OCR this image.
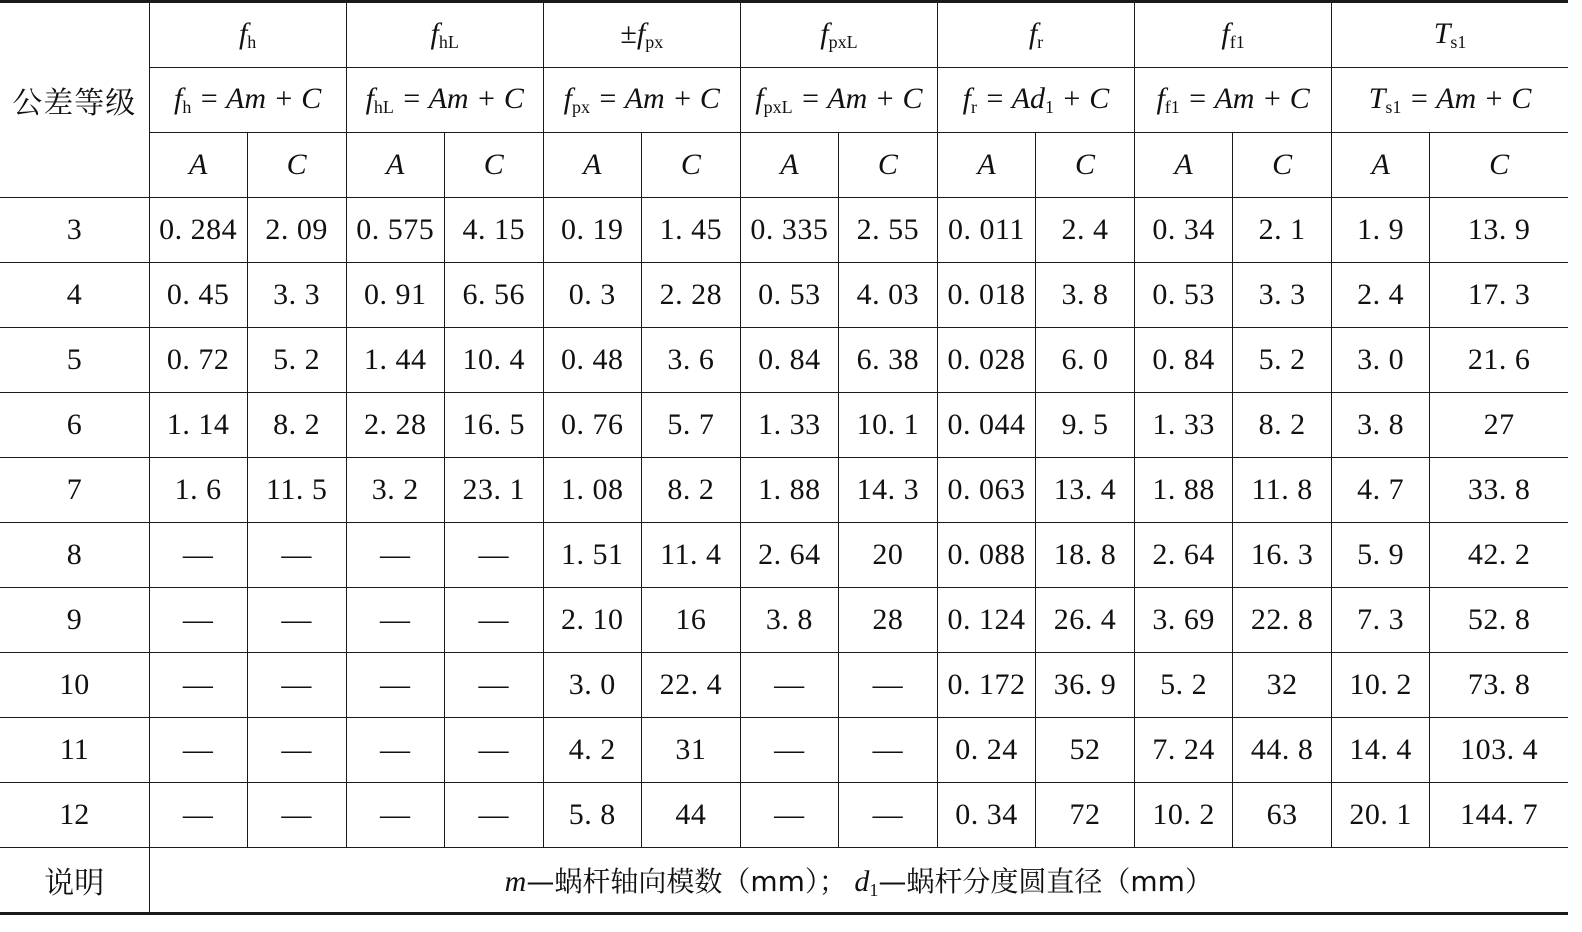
公差等级	$f_h$		$f_{hL}$		$\pm f_{px}$		$f_{pxL}$		$f_r$		$f_{f1}$		$T_{s1}$
	$f_h = Am + C$		$f_{hL} = Am + C$		$f_{px} = Am + C$		$f_{pxL} = Am + C$		$f_r = Ad_1 + C$		$f_{f1} = Am + C$		$T_{s1} = Am + C$	
	A	C	A	C	A	C	A	C	A	C	A	C	A	C
3	0. 284	2. 09	0. 575	4. 15	0. 19	1. 45	0. 335	2. 55	0. 011	2. 4	0. 34	2. 1	1. 9	13. 9
4	0. 45	3. 3	0. 91	6. 56	0. 3	2. 28	0. 53	4. 03	0. 018	3. 8	0. 53	3. 3	2. 4	17. 3
5	0. 72	5. 2	1. 44	10. 4	0. 48	3. 6	0. 84	6. 38	0. 028	6. 0	0. 84	5. 2	3. 0	21. 6
6	1. 14	8. 2	2. 28	16. 5	0. 76	5. 7	1. 33	10. 1	0. 044	9. 5	1. 33	8. 2	3. 8	27
7	1. 6	11. 5	3. 2	23. 1	1. 08	8. 2	1. 88	14. 3	0. 063	13. 4	1. 88	11. 8	4. 7	33. 8
8	—	—	—	—	1. 51	11. 4	2. 64	20	0. 088	18. 8	2. 64	16. 3	5. 9	42. 2
9	—	—	—	—	2. 10	16	3. 8	28	0. 124	26. 4	3. 69	22. 8	7. 3	52. 8
10	—	—	—	—	3. 0	22. 4	—	—	0. 172	36. 9	5. 2	32	10. 2	73. 8
11	—	—	—	—	4. 2	31	—	—	0. 24	52	7. 24	44. 8	14. 4	103. 4
12	—	—	—	—	5. 8	44	—	—	0. 34	72	10. 2	63	20. 1	144. 7
说明	m—蜗杆轴向模数（mm）； $d_1—$蜗杆分度圆直径（mm）													
